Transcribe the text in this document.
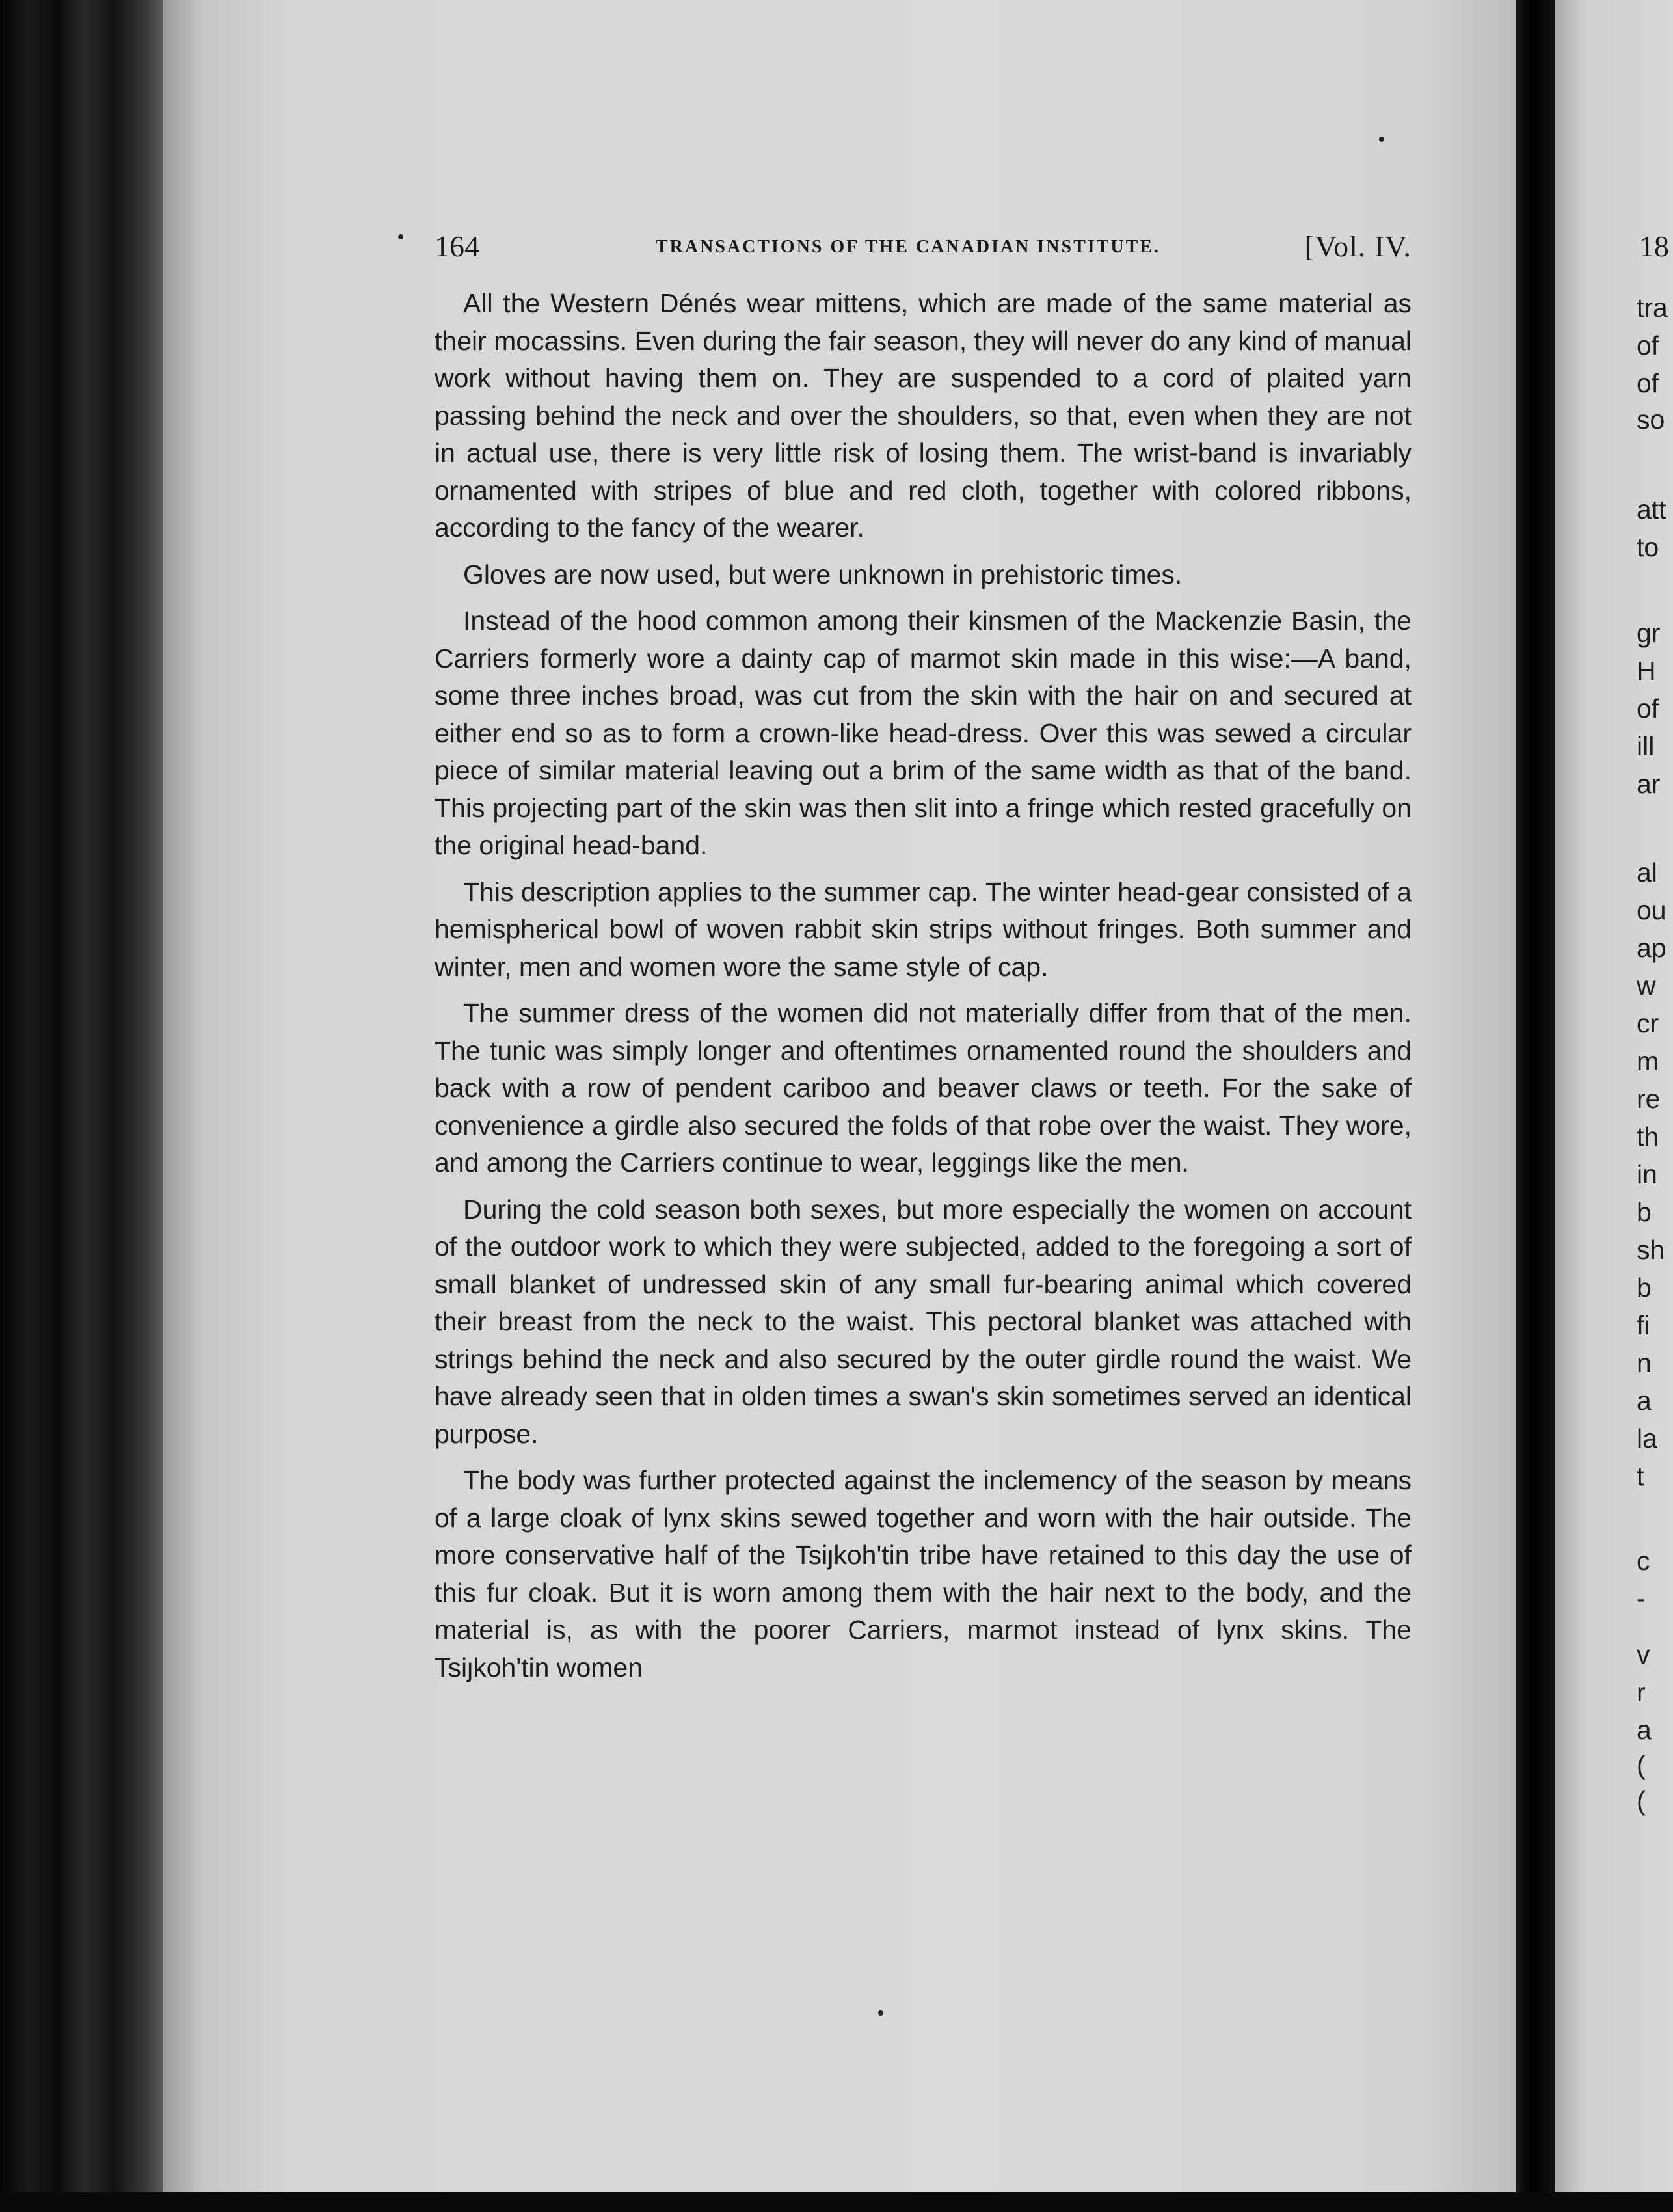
164	TRANSACTIONS OF THE CANADIAN INSTITUTE.	[Vol. IV.

All the Western Dénés wear mittens, which are made of the same material as their mocassins. Even during the fair season, they will never do any kind of manual work without having them on. They are suspended to a cord of plaited yarn passing behind the neck and over the shoulders, so that, even when they are not in actual use, there is very little risk of losing them. The wrist-band is invariably ornamented with stripes of blue and red cloth, together with colored ribbons, according to the fancy of the wearer.

Gloves are now used, but were unknown in prehistoric times.

Instead of the hood common among their kinsmen of the Mackenzie Basin, the Carriers formerly wore a dainty cap of marmot skin made in this wise:—A band, some three inches broad, was cut from the skin with the hair on and secured at either end so as to form a crown-like head-dress. Over this was sewed a circular piece of similar material leaving out a brim of the same width as that of the band. This projecting part of the skin was then slit into a fringe which rested gracefully on the original head-band.

This description applies to the summer cap. The winter head-gear consisted of a hemispherical bowl of woven rabbit skin strips without fringes. Both summer and winter, men and women wore the same style of cap.

The summer dress of the women did not materially differ from that of the men. The tunic was simply longer and oftentimes ornamented round the shoulders and back with a row of pendent cariboo and beaver claws or teeth. For the sake of convenience a girdle also secured the folds of that robe over the waist. They wore, and among the Carriers continue to wear, leggings like the men.

During the cold season both sexes, but more especially the women on account of the outdoor work to which they were subjected, added to the foregoing a sort of small blanket of undressed skin of any small fur-bearing animal which covered their breast from the neck to the waist. This pectoral blanket was attached with strings behind the neck and also secured by the outer girdle round the waist. We have already seen that in olden times a swan's skin sometimes served an identical purpose.

The body was further protected against the inclemency of the season by means of a large cloak of lynx skins sewed together and worn with the hair outside. The more conservative half of the Tsiȷkoh'tin tribe have retained to this day the use of this fur cloak. But it is worn among them with the hair next to the body, and the material is, as with the poorer Carriers, marmot instead of lynx skins. The Tsiȷkoh'tin women

18
tra
of
of
so
att
to
gr
H
of
ill
ar
al
ou
ap
w
cr
m
re
th
in
b
sh
b
fi
n
a
la
t
c
-
v
r
a
(
(
